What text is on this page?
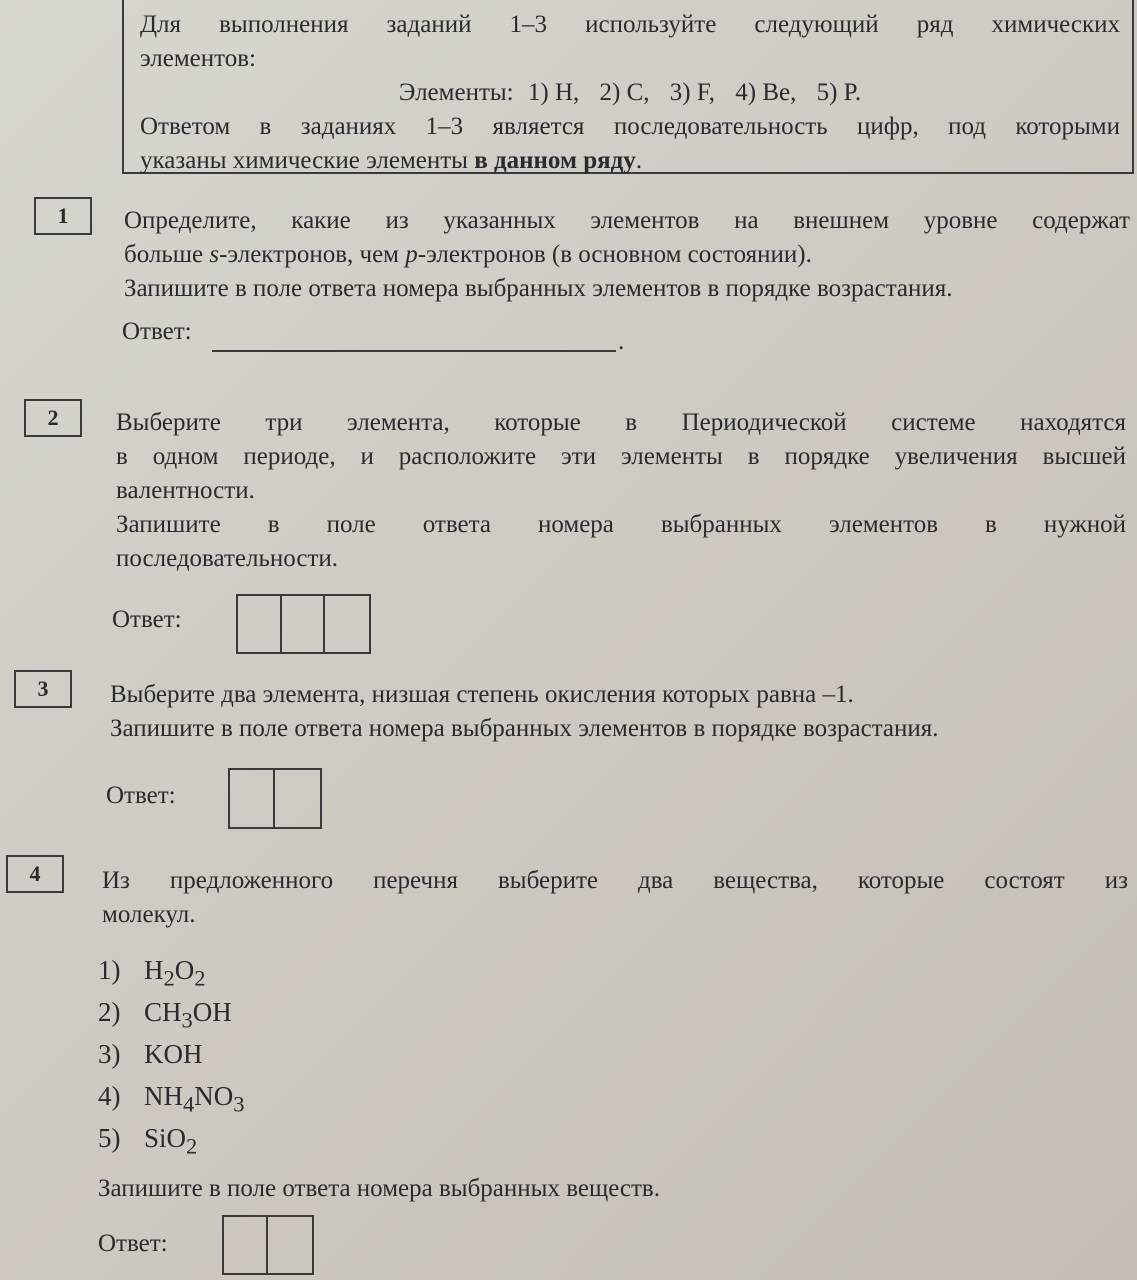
Для выполнения заданий 1–3 используйте следующий ряд химических
элементов:
Элементы: 1) H, 2) C, 3) F, 4) Be, 5) P.
Ответом в заданиях 1–3 является последовательность цифр, под которыми
указаны химические элементы в данном ряду.
1	Определите, какие из указанных элементов на внешнем уровне содержат
больше s-электронов, чем p-электронов (в основном состоянии).
Запишите в поле ответа номера выбранных элементов в порядке возрастания.
Ответ:	.
2	Выберите три элемента, которые в Периодической системе находятся
в одном периоде, и расположите эти элементы в порядке увеличения высшей
валентности.
Запишите в поле ответа номера выбранных элементов в нужной
последовательности.
Ответ:
3	Выберите два элемента, низшая степень окисления которых равна –1.
Запишите в поле ответа номера выбранных элементов в порядке возрастания.
Ответ:
4	Из предложенного перечня выберите два вещества, которые состоят из
молекул.
1) $H_2O_2$
2) $CH_3OH$
3) KOH
4) $NH_4NO_3$
5) SiO$_2$
Запишите в поле ответа номера выбранных веществ.
Ответ:
